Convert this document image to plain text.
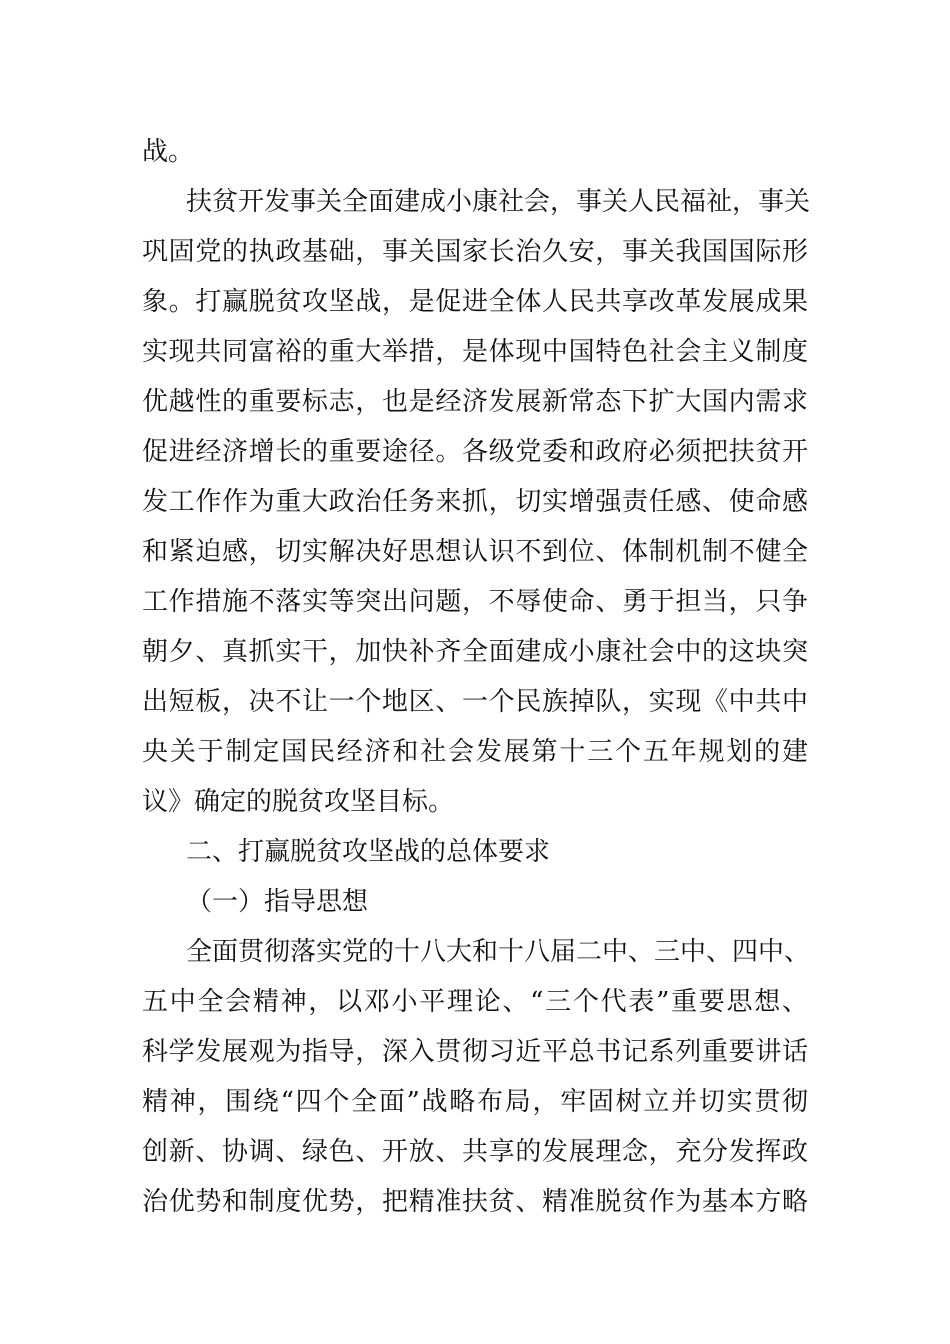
战。
扶贫开发事关全面建成小康社会，事关人民福祉，事关
巩固党的执政基础，事关国家长治久安，事关我国国际形
象。打赢脱贫攻坚战，是促进全体人民共享改革发展成果
实现共同富裕的重大举措，是体现中国特色社会主义制度
优越性的重要标志，也是经济发展新常态下扩大国内需求
促进经济增长的重要途径。各级党委和政府必须把扶贫开
发工作作为重大政治任务来抓，切实增强责任感、使命感
和紧迫感，切实解决好思想认识不到位、体制机制不健全
工作措施不落实等突出问题，不辱使命、勇于担当，只争
朝夕、真抓实干，加快补齐全面建成小康社会中的这块突
出短板，决不让一个地区、一个民族掉队，实现《中共中
央关于制定国民经济和社会发展第十三个五年规划的建
议》确定的脱贫攻坚目标。
二、打赢脱贫攻坚战的总体要求
（一）指导思想
全面贯彻落实党的十八大和十八届二中、三中、四中、
五中全会精神，以邓小平理论、“三个代表”重要思想、
科学发展观为指导，深入贯彻习近平总书记系列重要讲话
精神，围绕“四个全面”战略布局，牢固树立并切实贯彻
创新、协调、绿色、开放、共享的发展理念，充分发挥政
治优势和制度优势，把精准扶贫、精准脱贫作为基本方略
